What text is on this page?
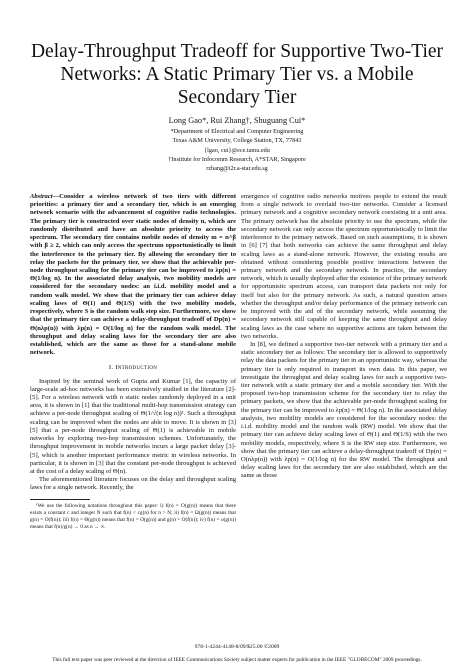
Delay-Throughput Tradeoff for Supportive Two-Tier
Networks: A Static Primary Tier vs. a Mobile
Secondary Tier
Long Gao*, Rui Zhang†, Shuguang Cui*
*Department of Electrical and Computer Engineering
Texas A&M University, College Station, TX, 77843
{lgao, cui}@ece.tamu.edu
†Institute for Infocomm Research, A*STAR, Singapore
rzhang@i2r.a-star.edu.sg

Abstract—Consider a wireless network of two tiers with different priorities: a primary tier and a secondary tier, which is an emerging network scenario with the advancement of cognitive radio technologies. The primary tier is constructed over static nodes of density n, which are randomly distributed and have an absolute priority to access the spectrum. The secondary tier contains mobile nodes of density m = n^β with β ≥ 2, which can only access the spectrum opportunistically to limit the interference to the primary tier. By allowing the secondary tier to relay the packets for the primary tier, we show that the achievable per-node throughput scaling for the primary tier can be improved to λp(n) = Θ(1/log n). In the associated delay analysis, two mobility models are considered for the secondary nodes: an i.i.d. mobility model and a random walk model. We show that the primary tier can achieve delay scaling laws of Θ(1) and Θ(1/S) with the two mobility models, respectively, where S is the random walk step size. Furthermore, we show that the primary tier can achieve a delay-throughput tradeoff of Dp(n) = Θ(nλp(n)) with λp(n) = O(1/log n) for the random walk model. The throughput and delay scaling laws for the secondary tier are also established, which are the same as those for a stand-alone mobile network.

I. Introduction

Inspired by the seminal work of Gupta and Kumar [1], the capacity of large-scale ad-hoc networks has been extensively studied in the literature [2]-[5]. For a wireless network with n static nodes randomly deployed in a unit area, it is shown in [1] that the traditional multi-hop transmission strategy can achieve a per-node throughput scaling of Θ(1/√(n log n))¹. Such a throughput scaling can be improved when the nodes are able to move. It is shown in [3] [5] that a per-node throughput scaling of Θ(1) is achievable in mobile networks by exploring two-hop transmission schemes. Unfortunately, the throughput improvement in mobile networks incurs a large packet delay [3]-[5], which is another important performance metric in wireless networks. In particular, it is shown in [3] that the constant per-node throughput is achieved at the cost of a delay scaling of Θ(n).

The aforementioned literature focuses on the delay and throughput scaling laws for a single network. Recently, the

¹We use the following notations throughout this paper: i) f(n) = O(g(n)) means that there exists a constant c and integer N such that f(n) < cg(n) for n > N; ii) f(n) = Ω(g(n)) means that g(n) = O(f(n)); iii) f(n) = Θ(g(n)) means that f(n) = O(g(n)) and g(n) = O(f(n)); iv) f(n) = o(g(n)) means that f(n)/g(n) → 0 as n → ∞.

emergence of cognitive radio networks motives people to extend the result from a single network to overlaid two-tier networks. Consider a licensed primary network and a cognitive secondary network coexisting in a unit area. The primary network has the absolute priority to use the spectrum, while the secondary network can only access the spectrum opportunistically to limit the interference to the primary network. Based on such assumptions, it is shown in [6] [7] that both networks can achieve the same throughput and delay scaling laws as a stand-alone network. However, the existing results are obtained without considering possible positive interactions between the primary network and the secondary network. In practice, the secondary network, which is usually deployed after the existence of the primary network for opportunistic spectrum access, can transport data packets not only for itself but also for the primary network. As such, a natural question arises whether the throughput and/or delay performance of the primary network can be improved with the aid of the secondary network, while assuming the secondary network still capable of keeping the same throughput and delay scaling laws as the case where no supportive actions are taken between the two networks.

In [8], we defined a supportive two-tier network with a primary tier and a static secondary tier as follows: The secondary tier is allowed to supportively relay the data packets for the primary tier in an opportunistic way, whereas the primary tier is only required to transport its own data. In this paper, we investigate the throughput and delay scaling laws for such a supportive two-tier network with a static primary tier and a mobile secondary tier. With the proposed two-hop transmission scheme for the secondary tier to relay the primary packets, we show that the achievable per-node throughput scaling for the primary tier can be improved to λp(n) = Θ(1/log n). In the associated delay analysis, two mobility models are considered for the secondary nodes: the i.i.d. mobility model and the random walk (RW) model. We show that the primary tier can achieve delay scaling laws of Θ(1) and Θ(1/S) with the two mobility models, respectively, where S is the RW step size. Furthermore, we show that the primary tier can achieve a delay-throughput tradeoff of Dp(n) = O(nλp(n)) with λp(n) = O(1/log n) for the RW model. The throughput and delay scaling laws for the secondary tier are also established, which are the same as those

978-1-4244-4148-8/09/$25.00 ©2009
This full text paper was peer reviewed at the direction of IEEE Communications Society subject matter experts for publication in the IEEE "GLOBECOM" 2009 proceedings.
